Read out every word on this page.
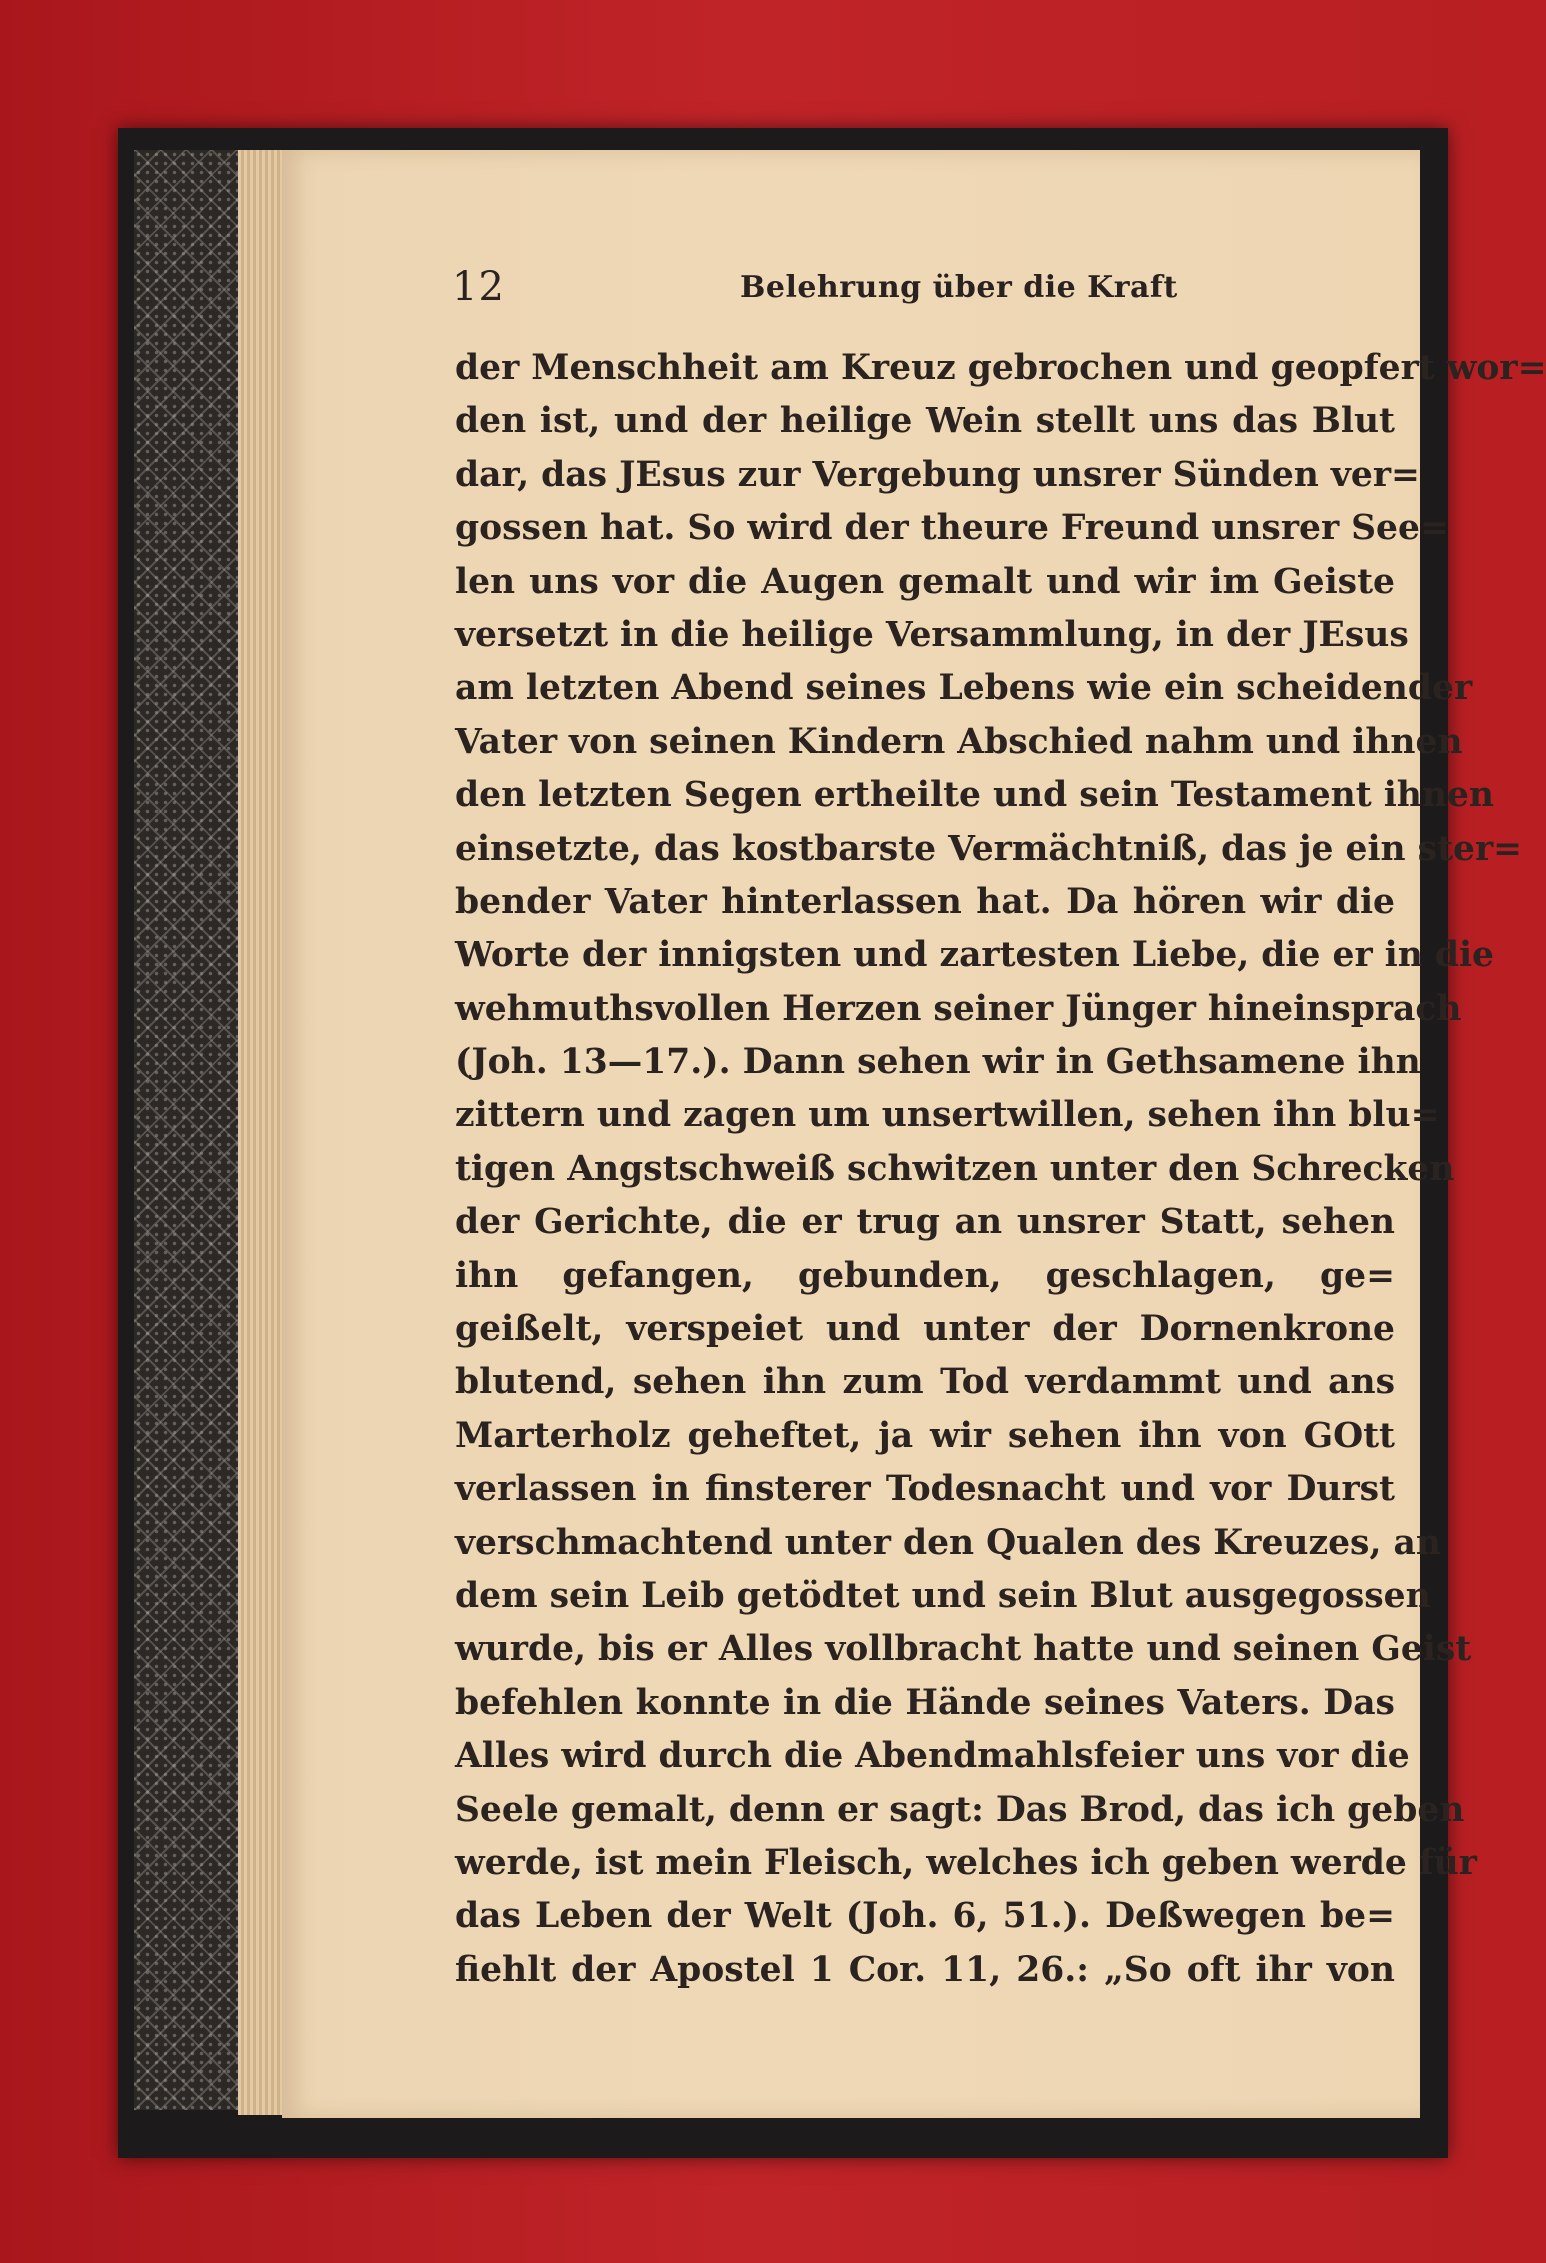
12	Belehrung über die Kraft
der Menschheit am Kreuz gebrochen und geopfert wor=
den ist, und der heilige Wein stellt uns das Blut
dar, das JEsus zur Vergebung unsrer Sünden ver=
gossen hat. So wird der theure Freund unsrer See=
len uns vor die Augen gemalt und wir im Geiste
versetzt in die heilige Versammlung, in der JEsus
am letzten Abend seines Lebens wie ein scheidender
Vater von seinen Kindern Abschied nahm und ihnen
den letzten Segen ertheilte und sein Testament ihnen
einsetzte, das kostbarste Vermächtniß, das je ein ster=
bender Vater hinterlassen hat. Da hören wir die
Worte der innigsten und zartesten Liebe, die er in die
wehmuthsvollen Herzen seiner Jünger hineinsprach
(Joh. 13—17.). Dann sehen wir in Gethsamene ihn
zittern und zagen um unsertwillen, sehen ihn blu=
tigen Angstschweiß schwitzen unter den Schrecken
der Gerichte, die er trug an unsrer Statt, sehen
ihn gefangen, gebunden, geschlagen, ge=
geißelt, verspeiet und unter der Dornenkrone
blutend, sehen ihn zum Tod verdammt und ans
Marterholz geheftet, ja wir sehen ihn von GOtt
verlassen in finsterer Todesnacht und vor Durst
verschmachtend unter den Qualen des Kreuzes, an
dem sein Leib getödtet und sein Blut ausgegossen
wurde, bis er Alles vollbracht hatte und seinen Geist
befehlen konnte in die Hände seines Vaters. Das
Alles wird durch die Abendmahlsfeier uns vor die
Seele gemalt, denn er sagt: Das Brod, das ich geben
werde, ist mein Fleisch, welches ich geben werde für
das Leben der Welt (Joh. 6, 51.). Deßwegen be=
fiehlt der Apostel 1 Cor. 11, 26.: „So oft ihr von
